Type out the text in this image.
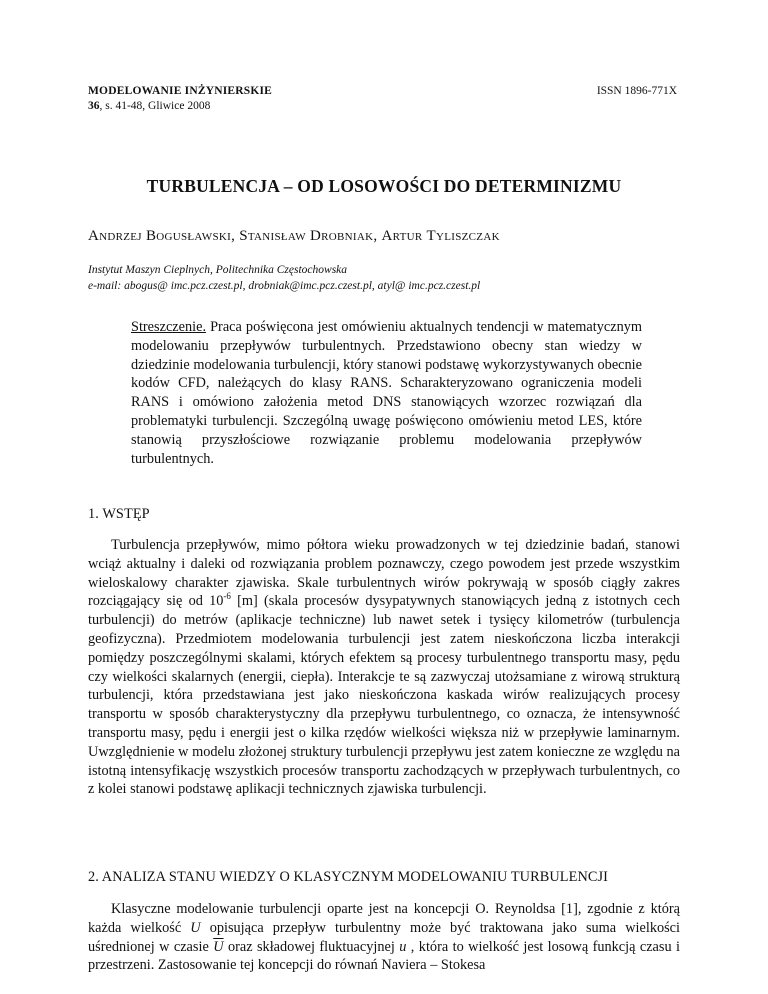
MODELOWANIE INŻYNIERSKIE
36, s. 41-48, Gliwice 2008
ISSN 1896-771X
TURBULENCJA – OD LOSOWOŚCI DO DETERMINIZMU
Andrzej Bogusławski, Stanisław Drobniak, Artur Tyliszczak
Instytut Maszyn Cieplnych, Politechnika Częstochowska
e-mail: abogus@ imc.pcz.czest.pl, drobniak@imc.pcz.czest.pl, atyl@ imc.pcz.czest.pl
Streszczenie. Praca poświęcona jest omówieniu aktualnych tendencji w matematycznym modelowaniu przepływów turbulentnych. Przedstawiono obecny stan wiedzy w dziedzinie modelowania turbulencji, który stanowi podstawę wykorzystywanych obecnie kodów CFD, należących do klasy RANS. Scharakteryzowano ograniczenia modeli RANS i omówiono założenia metod DNS stanowiących wzorzec rozwiązań dla problematyki turbulencji. Szczególną uwagę poświęcono omówieniu metod LES, które stanowią przyszłościowe rozwiązanie problemu modelowania przepływów turbulentnych.
1. WSTĘP
Turbulencja przepływów, mimo półtora wieku prowadzonych w tej dziedzinie badań, stanowi wciąż aktualny i daleki od rozwiązania problem poznawczy, czego powodem jest przede wszystkim wieloskalowy charakter zjawiska. Skale turbulentnych wirów pokrywają w sposób ciągły zakres rozciągający się od $10^{-6}$ [m] (skala procesów dysypatywnych stanowiących jedną z istotnych cech turbulencji) do metrów (aplikacje techniczne) lub nawet setek i tysięcy kilometrów (turbulencja geofizyczna). Przedmiotem modelowania turbulencji jest zatem nieskończona liczba interakcji pomiędzy poszczególnymi skalami, których efektem są procesy turbulentnego transportu masy, pędu czy wielkości skalarnych (energii, ciepła). Interakcje te są zazwyczaj utożsamiane z wirową strukturą turbulencji, która przedstawiana jest jako nieskończona kaskada wirów realizujących procesy transportu w sposób charakterystyczny dla przepływu turbulentnego, co oznacza, że intensywność transportu masy, pędu i energii jest o kilka rzędów wielkości większa niż w przepływie laminarnym. Uwzględnienie w modelu złożonej struktury turbulencji przepływu jest zatem konieczne ze względu na istotną intensyfikację wszystkich procesów transportu zachodzących w przepływach turbulentnych, co z kolei stanowi podstawę aplikacji technicznych zjawiska turbulencji.
2. ANALIZA STANU WIEDZY O KLASYCZNYM MODELOWANIU TURBULENCJI
Klasyczne modelowanie turbulencji oparte jest na koncepcji O. Reynoldsa [1], zgodnie z którą każda wielkość U opisująca przepływ turbulentny może być traktowana jako suma wielkości uśrednionej w czasie $\overline{U}$ oraz składowej fluktuacyjnej u , która to wielkość jest losową funkcją czasu i przestrzeni. Zastosowanie tej koncepcji do równań Naviera – Stokesa
